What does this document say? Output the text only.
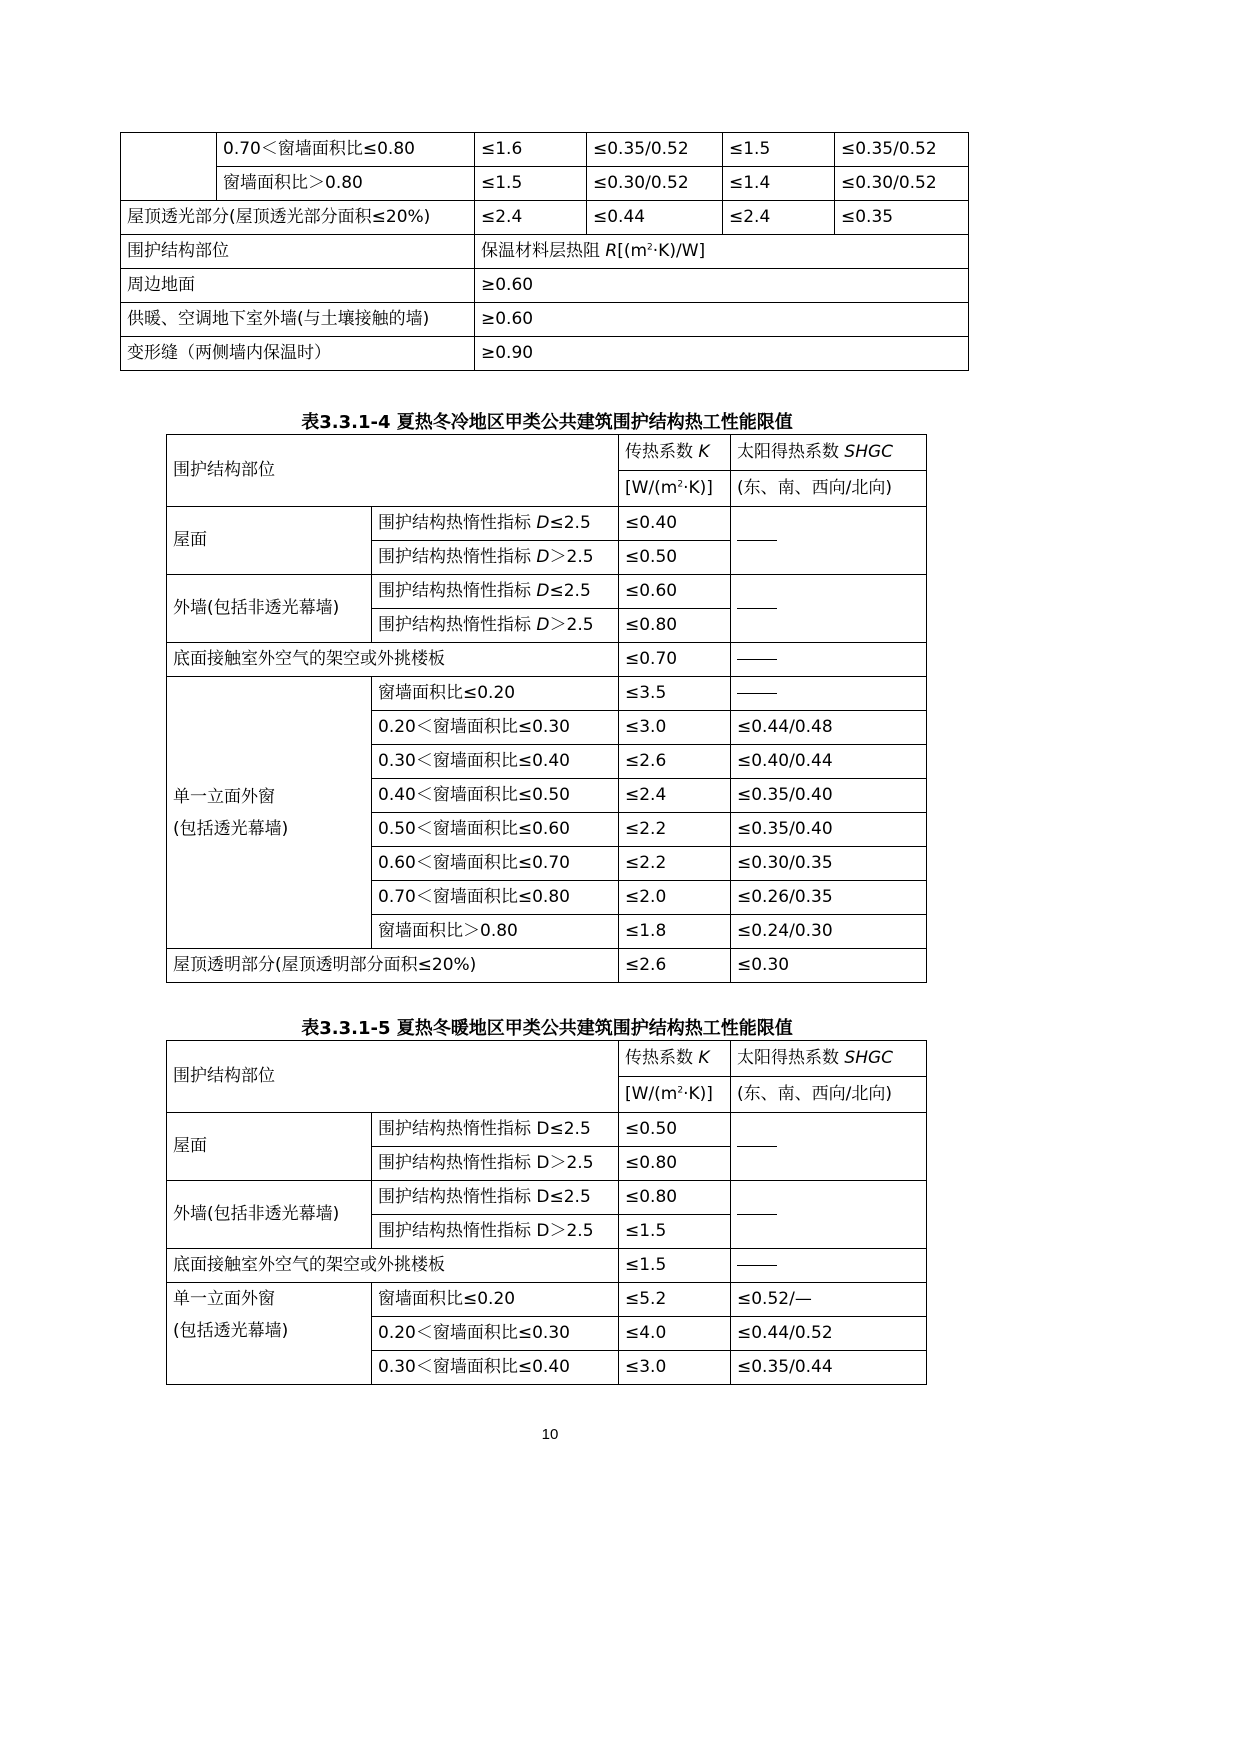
	0.70＜窗墙面积比≤0.80	≤1.6	≤0.35/0.52	≤1.5	≤0.35/0.52
	窗墙面积比＞0.80	≤1.5	≤0.30/0.52	≤1.4	≤0.30/0.52
屋顶透光部分(屋顶透光部分面积≤20%)		≤2.4	≤0.44	≤2.4	≤0.35
围护结构部位		保温材料层热阻 $R[(m^2\cdot K)/W]$			
周边地面		≥0.60			
供暖、空调地下室外墙(与土壤接触的墙)		≥0.60			
变形缝（两侧墙内保温时）		≥0.90			
表3.3.1-4 夏热冬冷地区甲类公共建筑围护结构热工性能限值
围护结构部位		传热系数 K	太阳得热系数 SHGC
		$[W/(m^2\cdot K)]$	(东、南、西向/北向)
屋面	围护结构热惰性指标 D≤2.5	≤0.40	
	围护结构热惰性指标 D＞2.5	≤0.50	
外墙(包括非透光幕墙)	围护结构热惰性指标 D≤2.5	≤0.60	
	围护结构热惰性指标 D＞2.5	≤0.80	
底面接触室外空气的架空或外挑楼板		≤0.70	
单一立面外窗
(包括透光幕墙)	窗墙面积比≤0.20	≤3.5	
	0.20＜窗墙面积比≤0.30	≤3.0	≤0.44/0.48
	0.30＜窗墙面积比≤0.40	≤2.6	≤0.40/0.44
	0.40＜窗墙面积比≤0.50	≤2.4	≤0.35/0.40
	0.50＜窗墙面积比≤0.60	≤2.2	≤0.35/0.40
	0.60＜窗墙面积比≤0.70	≤2.2	≤0.30/0.35
	0.70＜窗墙面积比≤0.80	≤2.0	≤0.26/0.35
	窗墙面积比＞0.80	≤1.8	≤0.24/0.30
屋顶透明部分(屋顶透明部分面积≤20%)		≤2.6	≤0.30
表3.3.1-5 夏热冬暖地区甲类公共建筑围护结构热工性能限值
围护结构部位		传热系数 K	太阳得热系数 SHGC
		$[W/(m^2\cdot K)]$	(东、南、西向/北向)
屋面	围护结构热惰性指标 D≤2.5	≤0.50	
	围护结构热惰性指标 D＞2.5	≤0.80	
外墙(包括非透光幕墙)	围护结构热惰性指标 D≤2.5	≤0.80	
	围护结构热惰性指标 D＞2.5	≤1.5	
底面接触室外空气的架空或外挑楼板		≤1.5	
单一立面外窗
(包括透光幕墙)	窗墙面积比≤0.20	≤5.2	≤0.52/—
	0.20＜窗墙面积比≤0.30	≤4.0	≤0.44/0.52
	0.30＜窗墙面积比≤0.40	≤3.0	≤0.35/0.44
10
